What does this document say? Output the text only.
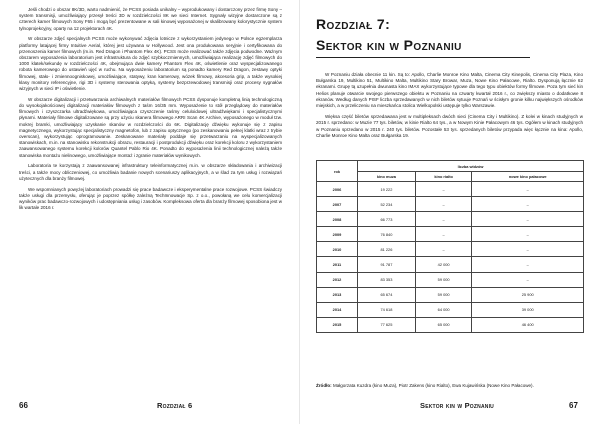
Jeśli chodzi o obszar 8K/3D, warto nadmienić, że PCSS posiada unikalny – wyprodukowany i dostarczony przez firmę Sony – system transmisji, umożliwiający przesył treści 3D w rozdzielczości 8K we sieci Internet. Sygnały wizyjne dostarczone są z czterech kamer filmowych Sony F65 i mogą być prezentowane w sali kinowej wyposażonej w skalibrowany kolorystycznie system tylnoprojekcyjny, oparty na 12 projektorach 4K.

W obszarze zdjęć specjalnych PCSS może wykonywać zdjęcia lotnicze z wykorzystaniem jedynego w Polsce egzemplarza platformy latającej firmy Intuitive Aerial, której jest używana w Hollywood. Jest ona produkowana seryjnie i certyfikowana do przenoszenia kamer filmowych (m.in. Red Dragon i Phantom Flex 4K). PCSS może realizować także zdjęcia podwodne. Ważnym obszarem wyposażenia laboratorium jest infrastruktura do zdjęć szybkoczmiennych, umożliwiająca realizację zdjęć filmowych do 1000 klatek/sekundę w rozdzielczości 4K, obejmująca dwie kamery Phantom Flex 4K, oświetlenie oraz wyspecjalizowanego robota kamerowego do ustawień ujęć w ruchu. Na wyposażeniu laboratorium są ponadto kamery Red Dragon, zestawy optyki filmowej, stało- i zmiennoogniskowej, umożliwiające, statywy, kran kamerowy, wózek filmowy, akcesoria grip, a także wysokiej klasy monitory referencyjne, rigi 3D i systemy sterowania optyką, systemy bezprzewodowej transmisji oraz procesy sygnałów wizyjnych w sieci IP i oświetlenie.

W obszarze digitalizacji i przetwarzania archiwalnych materiałów filmowych PCSS dysponuje kompletną linią technologiczną do wysokojakościowej digitalizacji materiałów filmowych z taśm 16/35 mm. Wyposażenie to stół przeglądowy do materiałów filmowych i czyszczarka ultradźwiękowa, umożliwiająca czyszczenie taśmy celuloidowej ultradźwiękami i specjalistycznymi płynami. Materiały filmowe digitalizowane są przy użyciu skanera filmowego ARRI Scan 4K Archive, wyposażonego w moduł tzw. mokrej bramki, umożliwiający uzyskanie skanów w rozdzielczości do 6K. Digitalizację dźwięku wykonuje się z zapisu magnetycznego, wykorzystując specjalistyczny magnetofon, lub z zapisu optycznego (po zeskanowaniu pełnej klatki wraz z trybie overscan), wykorzystując oprogramowanie. Zeskanowane materiały poddaje się przetwarzaniu na wyspecjalizowanych stanowiskach, m.in. na stanowisku rekonstrukcji obrazu, restauracji i postprodukcji dźwięku oraz korekcji koloru z wykorzystaniem zaawansowanego systemu korekcji kolorów Quantel Pablo Rio 4K. Ponadto do wyposażenia linii technologicznej należą także stanowiska montażu nielinowego, umożliwiające montaż i zgranie materiałów wynikowych.

Laboratoria te korzystają z zaawansowanej infrastruktury teleinformatycznej m.in. w obszarze składowania i archiwizacji treści, a także mocy obliczeniowej, co umożliwia badanie nowych scenariuszy aplikacyjnych, a w ślad za tym usług i rozwiązań użytecznych dla branży filmowej.

We wspomnianych powyżej laboratoriach prowadzi się prace badawcze i eksperymentalne prace rozwojowe. PCSS świadczy także usługi dla przemysłu, oferując je poprzez spółkę zależną TechInnowacje Sp. z o.o., powołaną we celu komercjalizacji wyników prac badawczo-rozwojowych i udostępniania usług i zasobów. Kompleksowa oferta dla branży filmowej sposobiona jest w lik wartale 2016 r.

66	Rozdział 6
Rozdział 7:
Sektor kin w Poznaniu

W Poznaniu działa obecnie 11 kin. Są to: Apollo, Charlie Monroe Kino Malta, Cinema City Kinepolis, Cinema City Plaza, Kino Bułgarska 19, Multikino 51, Multikino Malta, Multikino Stary Browar, Muza, Nowe Kino Pałacowe, Rialto. Dysponują łącznie 62 ekranami. Grupę tą uzupełnia dwunasta kino IMAX wykorzystujące typowe dla tego typu obiektów formy filmowe. Poza tym sieć kin Helios planuje otwarcie swojego pierwszego obiektu w Poznaniu na czwarty kwartał 2016 r., co zwiększy miasto o dodatkowe 8 ekranów. Według danych PISF liczba sprzedawanych w nich biletów sytuuje Poznań w ścisłym gronie kilku największych ośrodków miejskich, a w przeliczeniu na mieszkańca stolica Wielkopolski ustępuje tylko Warszawie.

Więksa część biletów sprzedawana jest w multipleksach dwóch sieci (Cinema City i Multikino). Z kolei w kinach studyjnych w 2015 r. sprzedano: w Muzie 77 tys. biletów, w kinie Rialto 64 tys., a w Nowym Kinie Pałacowym 46 tys. Ogółem w kinach studyjnych w Poznaniu sprzedano w 2015 r. 240 tys. biletów. Pozostałe 53 tys. sprzedanych biletów przypada więc łącznie na kina: Apollo, Charlie Monroe Kino Malta oraz Bułgarska 19.

rok	liczba widzów		
	kino muza	kino rialto	nowe kino pałacowe
2006	19 222	–	–
2007	52 234	–	–
2008	66 773	–	–
2009	76 840	–	–
2010	81 226	–	–
2011	91 787	42 000	–
2012	83 353	59 000	–
2013	65 674	59 000	25 900
2014	74 618	64 000	39 000
2015	77 625	65 000	46 400
Źródło: Małgorzata Kuzdra (kino Muza), Piotr Zakens (kino Rialto), Ewa Kujawińska (Nowe Kino Pałacowe).
Sektor kin w Poznaniu	67
